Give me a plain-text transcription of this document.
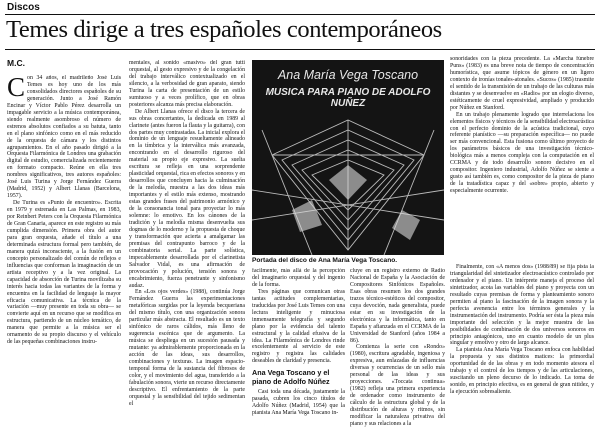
Discos
Temes dirige a tres españoles contemporáneos
M.C.

Con 34 años, el madrileño José Luis Temes es hoy uno de los más consolidados directores españoles de su generación. Junto a José Ramón Encinar y Víctor Pablo Pérez desarrolla un impagable servicio a la música contemporánea, siendo realmente asombroso el número de estrenos absolutos confiados a su batuta, tanto en el plano sinfónico como en el más reducido de la orquesta de cámara y los distintos agrupamientos. En el año pasado dirigió a la Orquesta Filarmónica de Londres una grabación digital de estudio, comercializada recientemente en formato compacto. Reúne en ella tres nombres significativos, tres autores españoles: José Luis Turina y Jorge Fernández Guerra (Madrid, 1952) y Albert Llanas (Barcelona, 1957).

De Turina es «Punto de encuentro». Escrita en 1979 y estrenada en Las Palmas, en 1983, por Reinbert Peters con la Orquesta Filarmónica de Gran Canaria, aparece en este registro su más cumplida dimensión. Primera obra del autor para gran orquesta, añade el título a una determinada estructura formal pero también, de manera quizá inconsciente, a la fusión en un concepto personalizado del común de reflejos e influencias que conforman la imaginación de un artista receptivo y a la vez original. La capacidad de absorción de Turina movilizaba su interés hacia todas las variantes de la forma y encuentra en la facilidad de lenguaje la mayor eficacia comunicativa. La técnica de la variación —muy presente en toda su obra— se convierte aquí en un recurso que se modifica en estructura, partiendo de un núcleo temático, de manera que permite a la música ser el ornamento de su propio discurso y el vehículo de las pequeñas combinaciones instru-

mentales, al sonido «masivo» del gran tutti orquestal, al gesto expresivo y de la congelación del trabajo interválico contextualizado en el silencio, a la verbosidad de gran aparato, siendo Turina la carta de presentación de un estilo sumtuoso y a veces prolífico, que en obras posteriores alcanza más precisa elaboración.

De Albert Llanas ofrece el disco la tercera de sus obras concertantes, la dedicada en 1989 al clarinete (antes fueron la flauta y la guitarra), con dos partes muy contrastadas. La inicial explora el dominio de un lenguaje resueltamente alineado en la tímbrica y la interválica más avanzada, encontrando en el desarrollo riguroso del material su propio eje expresivo. La suelta escritura se refleja en una sorprendente plasticidad orquestal, rica en efectos sonoros y en desarrollos que concluyen hacia la culminación de la melodía, muestra a las dos ideas más importantes y el estilo más extenso, mostrando estas grandes frases del patrimonio armónico y de la consonancia tonal para proyectar lo más solemne: lo emotivo. En los cánones de la tradición y la melodía misma desenvuelta sus dogmas de lo moderno y la propuesta de choque y transformación que acierta a amalgamar las premisas del contrapunto barroco y de la combinatoria serial. La parte solística, impecablemente desarrollada por el clarinetista Salvador Vidal, es una afirmación de provocación y polución, tensión sonora y encabrimiento, fuerza penetrante y sinfonismo audaz.

En «Los ojos verdes» (1988), continúa Jorge Fernández Guerra las experimentaciones metafóricas surgidas por la leyenda becqueriana del mismo título, con una organización sonora particular más abstracta. El resultado es un texto sinfónico de raros cálidos, más lleno de sugerencia escénica que de argumento. La música se despliega en un sucesión pausada y mutante: ya admirablemente proporcionada en la acción de las ideas, sus desarrollos, combinaciones y texturas. La imagen espacio-temporal forma de la sustancia del fibrosos de color, y el movimiento del agua, transferido a la fabulación sonora, vierte un recurso directamente descriptivo. El enfrentamiento de la parte orquestal y la sensibilidad del tejido sedimentan el

Ana María Vega Toscano
MUSICA PARA PIANO DE ADOLFO NUÑEZ
Portada del disco de Ana María Vega Toscano.

facilmente, más allá de la percepción del imaginario orquestal y del ingenio de la forma.

Tres páginas que comunican otras tantas actitudes complementarias, traducidas por José Luis Temes con una lectura inteligente y minuciosa inmensamente telegrafía y segundo plano por la evidencia del talento estructural y la calidad efusiva de la idea. La Filarmónica de Londres rinde excelentemente al servicio de este registro y registra las calidades deseables de claridad y presencia.

Ana Vega Toscano y el piano de Adolfo Núñez

Casi toda una década, justamente la pasada, cubren los cinco títulos de Adolfo Núñez (Madrid, 1954) que la pianista Ana María Vega Toscano in-

cluye en un registro externo de Radio Nacional de España y la Asociación de Compositores Sinfónicos Españoles. Esas obras resumen los dos grandes trazos técnico-estéticos del compositor, cuya devoción, nada generalista, puede estar en su investigación de la electrónica y la informática, tanto en España y afianzada en el CCRMA de la Universidad de Stanford (años 1984 a 86).

Comienza la serie con «Rondo» (1980), escritura agradable, ingeniosa y expresiva, aun enlazadas de influencias diversas y ocurrencias de un sello más personal de las ideas y sus proyecciones. «Toccata continua» (1982) refleja una primera experiencia de ordenador como instrumento de cálculo de la estructura global y de la distribución de alturas y ritmos, sin modificar la naturaleza privativa del piano y sus relaciones a la

sonoridades con la pieza precedente. La «Marcha fúnebre Puns» (1983) es una breve nota de tiempo de concentración humorística, que asume tópicos de género en un ligero contexto de ironías tonales-atonales. «Sucos» (1985) trasmite el sentido de la transmisión de un trabajo de las culturas más distantes y se desenvuelve en «Radio» por un elogio diverso, estéticamente de cruel expresividad, ampliado y producido por Núñez en Stanford.

En un trabajo plenamente logrado que interrelaciona los elementos físicos y técnicos de la sensibilidad electroacústica con el perfecto dominio de la acústica tradicional, cuyo referente pianístico —su preparación específica— no puede ser más convencional. Esta fusiona como último proyecto de los parámetros básicos de una investigación técnico-biológica más a menos compleja con la computación en el CCRMA y de todo desarrollo sonoro decisivo en el compositor. Ingeniero industrial, Adolfo Núñez se siente a gusto así también es, como compositor de la pieza de piano de la tratadística capaz y del «sobre» propio, abierto y especialmente ocurrente.

Finalmente, con «A menos dos» (1988/89) se fija pista la triangularidad del sintetizador electroacústico controlado por ordenador y el piano. Un intérprete maneja el proceso del sintetizador, acota las variables del piano y proyecta con un resultado cuyas premisas de forma y planteamiento sonoro permiten al piano la fascinación de la imagen sonora y la perfecta avenencia entre los términos generales y la instrumentación del instrumento. Podría ser ésta la pieza más importante del selección y la mejor muestra de las posibilidades de combinación de dos universos sonoros en principio antagónicos, uno en cuanto modelo de un plus singular y emotivo y otro de largo alcance.

La pianista Ana María Vega Toscano enfoca con habilidad la propuesta y sus distintos matices: la primordial oportunidad de de las obras y en todo momento atesora el trabajo y el control de los tiempos y de las articulaciones, suscitando un pleno decurso de lo indicado. La toma de sonido, en principio efectiva, es en general de gran nitidez, y la ejecución sobresaliente.
